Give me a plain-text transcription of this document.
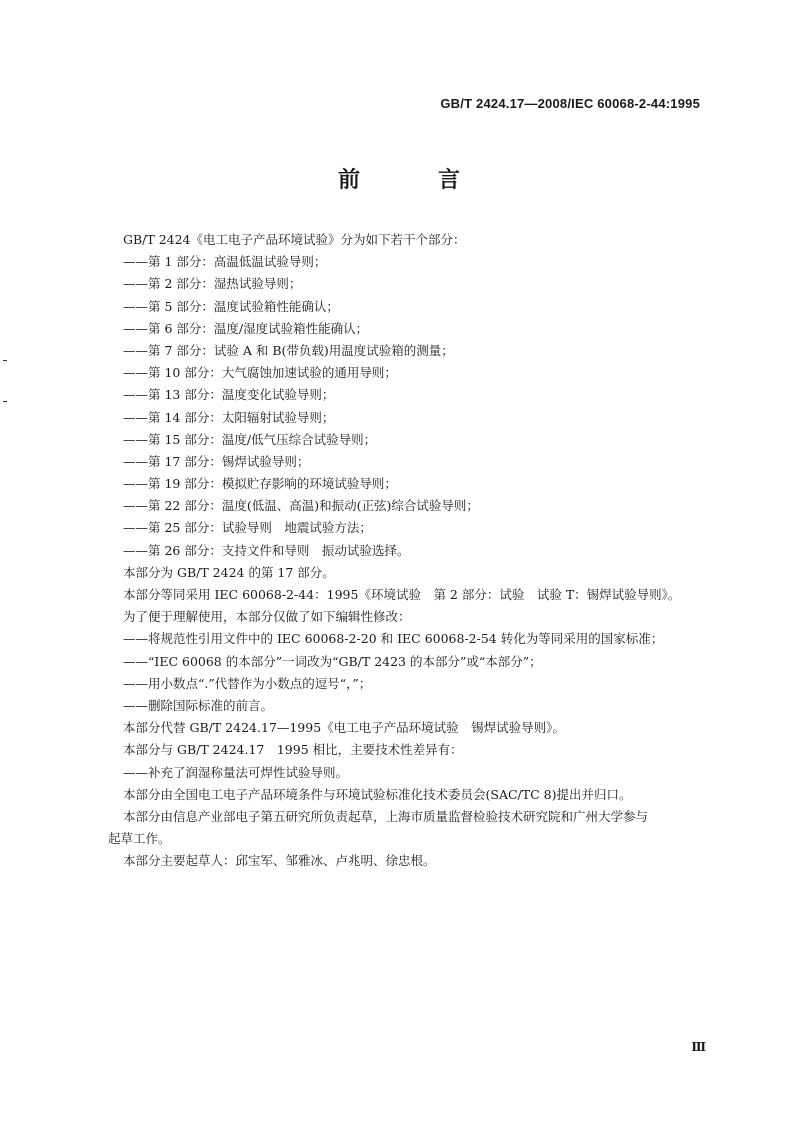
GB/T 2424.17—2008/IEC 60068-2-44:1995
前　言
GB/T 2424《电工电子产品环境试验》分为如下若干个部分：
——第 1 部分：高温低温试验导则；
——第 2 部分：湿热试验导则；
——第 5 部分：温度试验箱性能确认；
——第 6 部分：温度/湿度试验箱性能确认；
——第 7 部分：试验 A 和 B(带负载)用温度试验箱的测量；
——第 10 部分：大气腐蚀加速试验的通用导则；
——第 13 部分：温度变化试验导则；
——第 14 部分：太阳辐射试验导则；
——第 15 部分：温度/低气压综合试验导则；
——第 17 部分：锡焊试验导则；
——第 19 部分：模拟贮存影响的环境试验导则；
——第 22 部分：温度(低温、高温)和振动(正弦)综合试验导则；
——第 25 部分：试验导则　地震试验方法；
——第 26 部分：支持文件和导则　振动试验选择。
本部分为 GB/T 2424 的第 17 部分。
本部分等同采用 IEC 60068-2-44：1995《环境试验　第 2 部分：试验　试验 T：锡焊试验导则》。
为了便于理解使用，本部分仅做了如下编辑性修改：
——将规范性引用文件中的 IEC 60068-2-20 和 IEC 60068-2-54 转化为等同采用的国家标准；
——“IEC 60068 的本部分”一词改为“GB/T 2423 的本部分”或“本部分”；
——用小数点“.”代替作为小数点的逗号“，”；
——删除国际标准的前言。
本部分代替 GB/T 2424.17—1995《电工电子产品环境试验　锡焊试验导则》。
本部分与 GB/T 2424.17　1995 相比，主要技术性差异有：
——补充了润湿称量法可焊性试验导则。
本部分由全国电工电子产品环境条件与环境试验标准化技术委员会(SAC/TC 8)提出并归口。
本部分由信息产业部电子第五研究所负责起草，上海市质量监督检验技术研究院和广州大学参与
起草工作。
本部分主要起草人：邱宝军、邹雅冰、卢兆明、徐忠根。
Ⅲ
